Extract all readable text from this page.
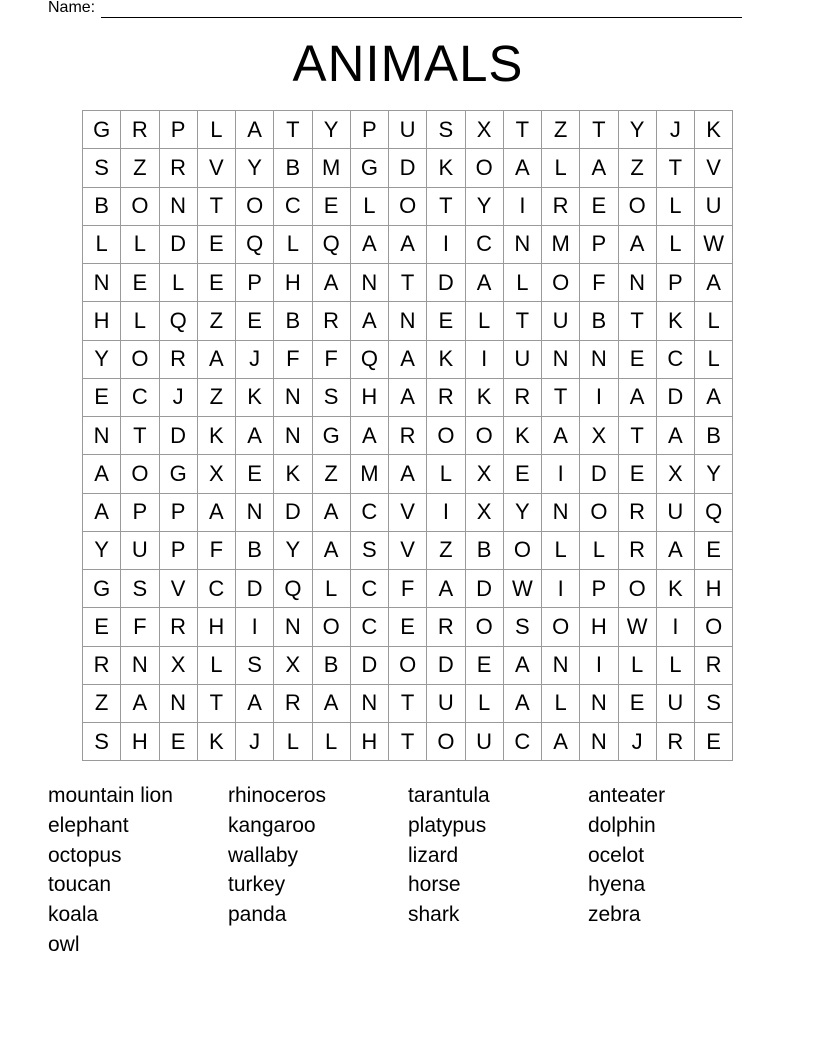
Name:
ANIMALS
G R	P	L	A	T	Y	P	U	S	X	T	Z	T	Y	J	K
S	Z	R	V	Y	B M G D	K	O	A	L	A	Z	T	V
B	O N	T	O C	E	L	O	T	Y	I	R	E	O	L	U
L	L	D	E	Q	L	Q	A	A	I	C	N M P	A	L W
N	E	L	E	P	H	A	N	T	D	A	L	O	F	N	P	A
H	L	Q	Z	E	B	R	A	N	E	L	T	U	B	T	K	L
Y	O R	A	J	F	F	Q	A	K	I	U	N	N	E	C	L
E	C	J	Z	K	N	S	H	A	R	K	R	T	I	A	D	A
N	T	D	K	A	N G	A	R O O	K	A	X	T	A	B
A	O G	X	E	K	Z	M A	L	X	E	I	D	E	X	Y
A	P	P	A	N	D	A	C	V	I	X	Y	N O R	U Q
Y	U	P	F	B	Y	A	S	V	Z	B	O	L	L	R	A	E
G	S	V	C	D Q	L	C	F	A	D W	I	P	O	K	H
E	F	R	H	I	N O C	E	R O	S	O H W	I	O
R	N	X	L	S	X	B	D O D	E	A	N	I	L	L	R
Z	A	N	T	A	R	A	N	T	U	L	A	L	N	E	U	S
S	H	E	K	J	L	L	H	T	O U	C	A	N	J	R	E
mountain lion	rhinoceros	tarantula	anteater
elephant	kangaroo	platypus	dolphin
octopus	wallaby	lizard	ocelot
toucan	turkey	horse	hyena
koala	panda	shark	zebra
owl
